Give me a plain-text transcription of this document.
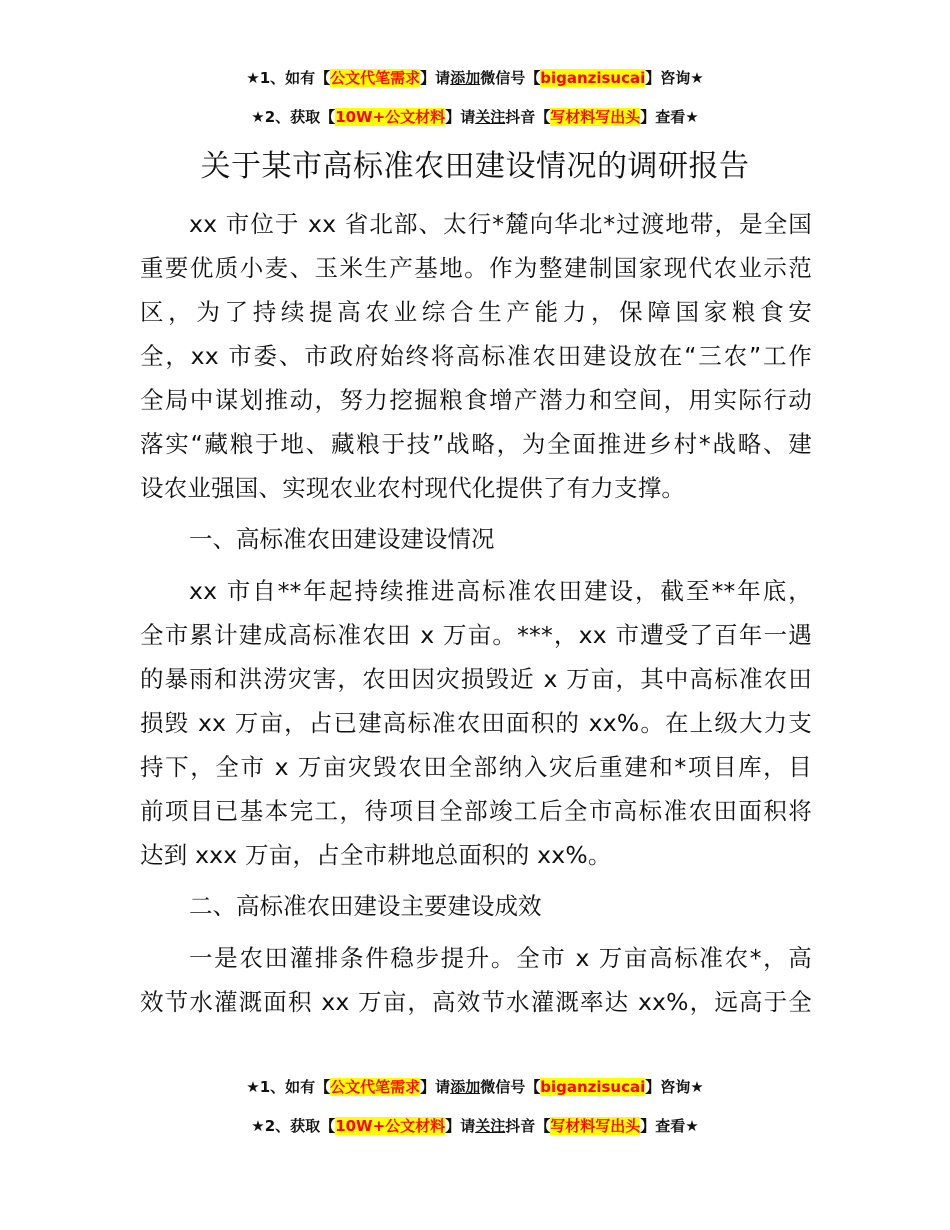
★1、如有【公文代笔需求】请添加微信号【biganzisucai】咨询★
★2、获取【10W+公文材料】请关注抖音【写材料写出头】查看★
关于某市高标准农田建设情况的调研报告
xx 市位于 xx 省北部、太行*麓向华北*过渡地带，是全国
重要优质小麦、玉米生产基地。作为整建制国家现代农业示范
区，为了持续提高农业综合生产能力，保障国家粮食安
全，xx 市委、市政府始终将高标准农田建设放在“三农”工作
全局中谋划推动，努力挖掘粮食增产潜力和空间，用实际行动
落实“藏粮于地、藏粮于技”战略，为全面推进乡村*战略、建
设农业强国、实现农业农村现代化提供了有力支撑。
一、高标准农田建设建设情况
xx 市自**年起持续推进高标准农田建设，截至**年底，
全市累计建成高标准农田 x 万亩。***，xx 市遭受了百年一遇
的暴雨和洪涝灾害，农田因灾损毁近 x 万亩，其中高标准农田
损毁 xx 万亩，占已建高标准农田面积的 xx%。在上级大力支
持下，全市 x 万亩灾毁农田全部纳入灾后重建和*项目库，目
前项目已基本完工，待项目全部竣工后全市高标准农田面积将
达到 xxx 万亩，占全市耕地总面积的 xx%。
二、高标准农田建设主要建设成效
一是农田灌排条件稳步提升。全市 x 万亩高标准农*，高
效节水灌溉面积 xx 万亩，高效节水灌溉率达 xx%，远高于全
★1、如有【公文代笔需求】请添加微信号【biganzisucai】咨询★
★2、获取【10W+公文材料】请关注抖音【写材料写出头】查看★
